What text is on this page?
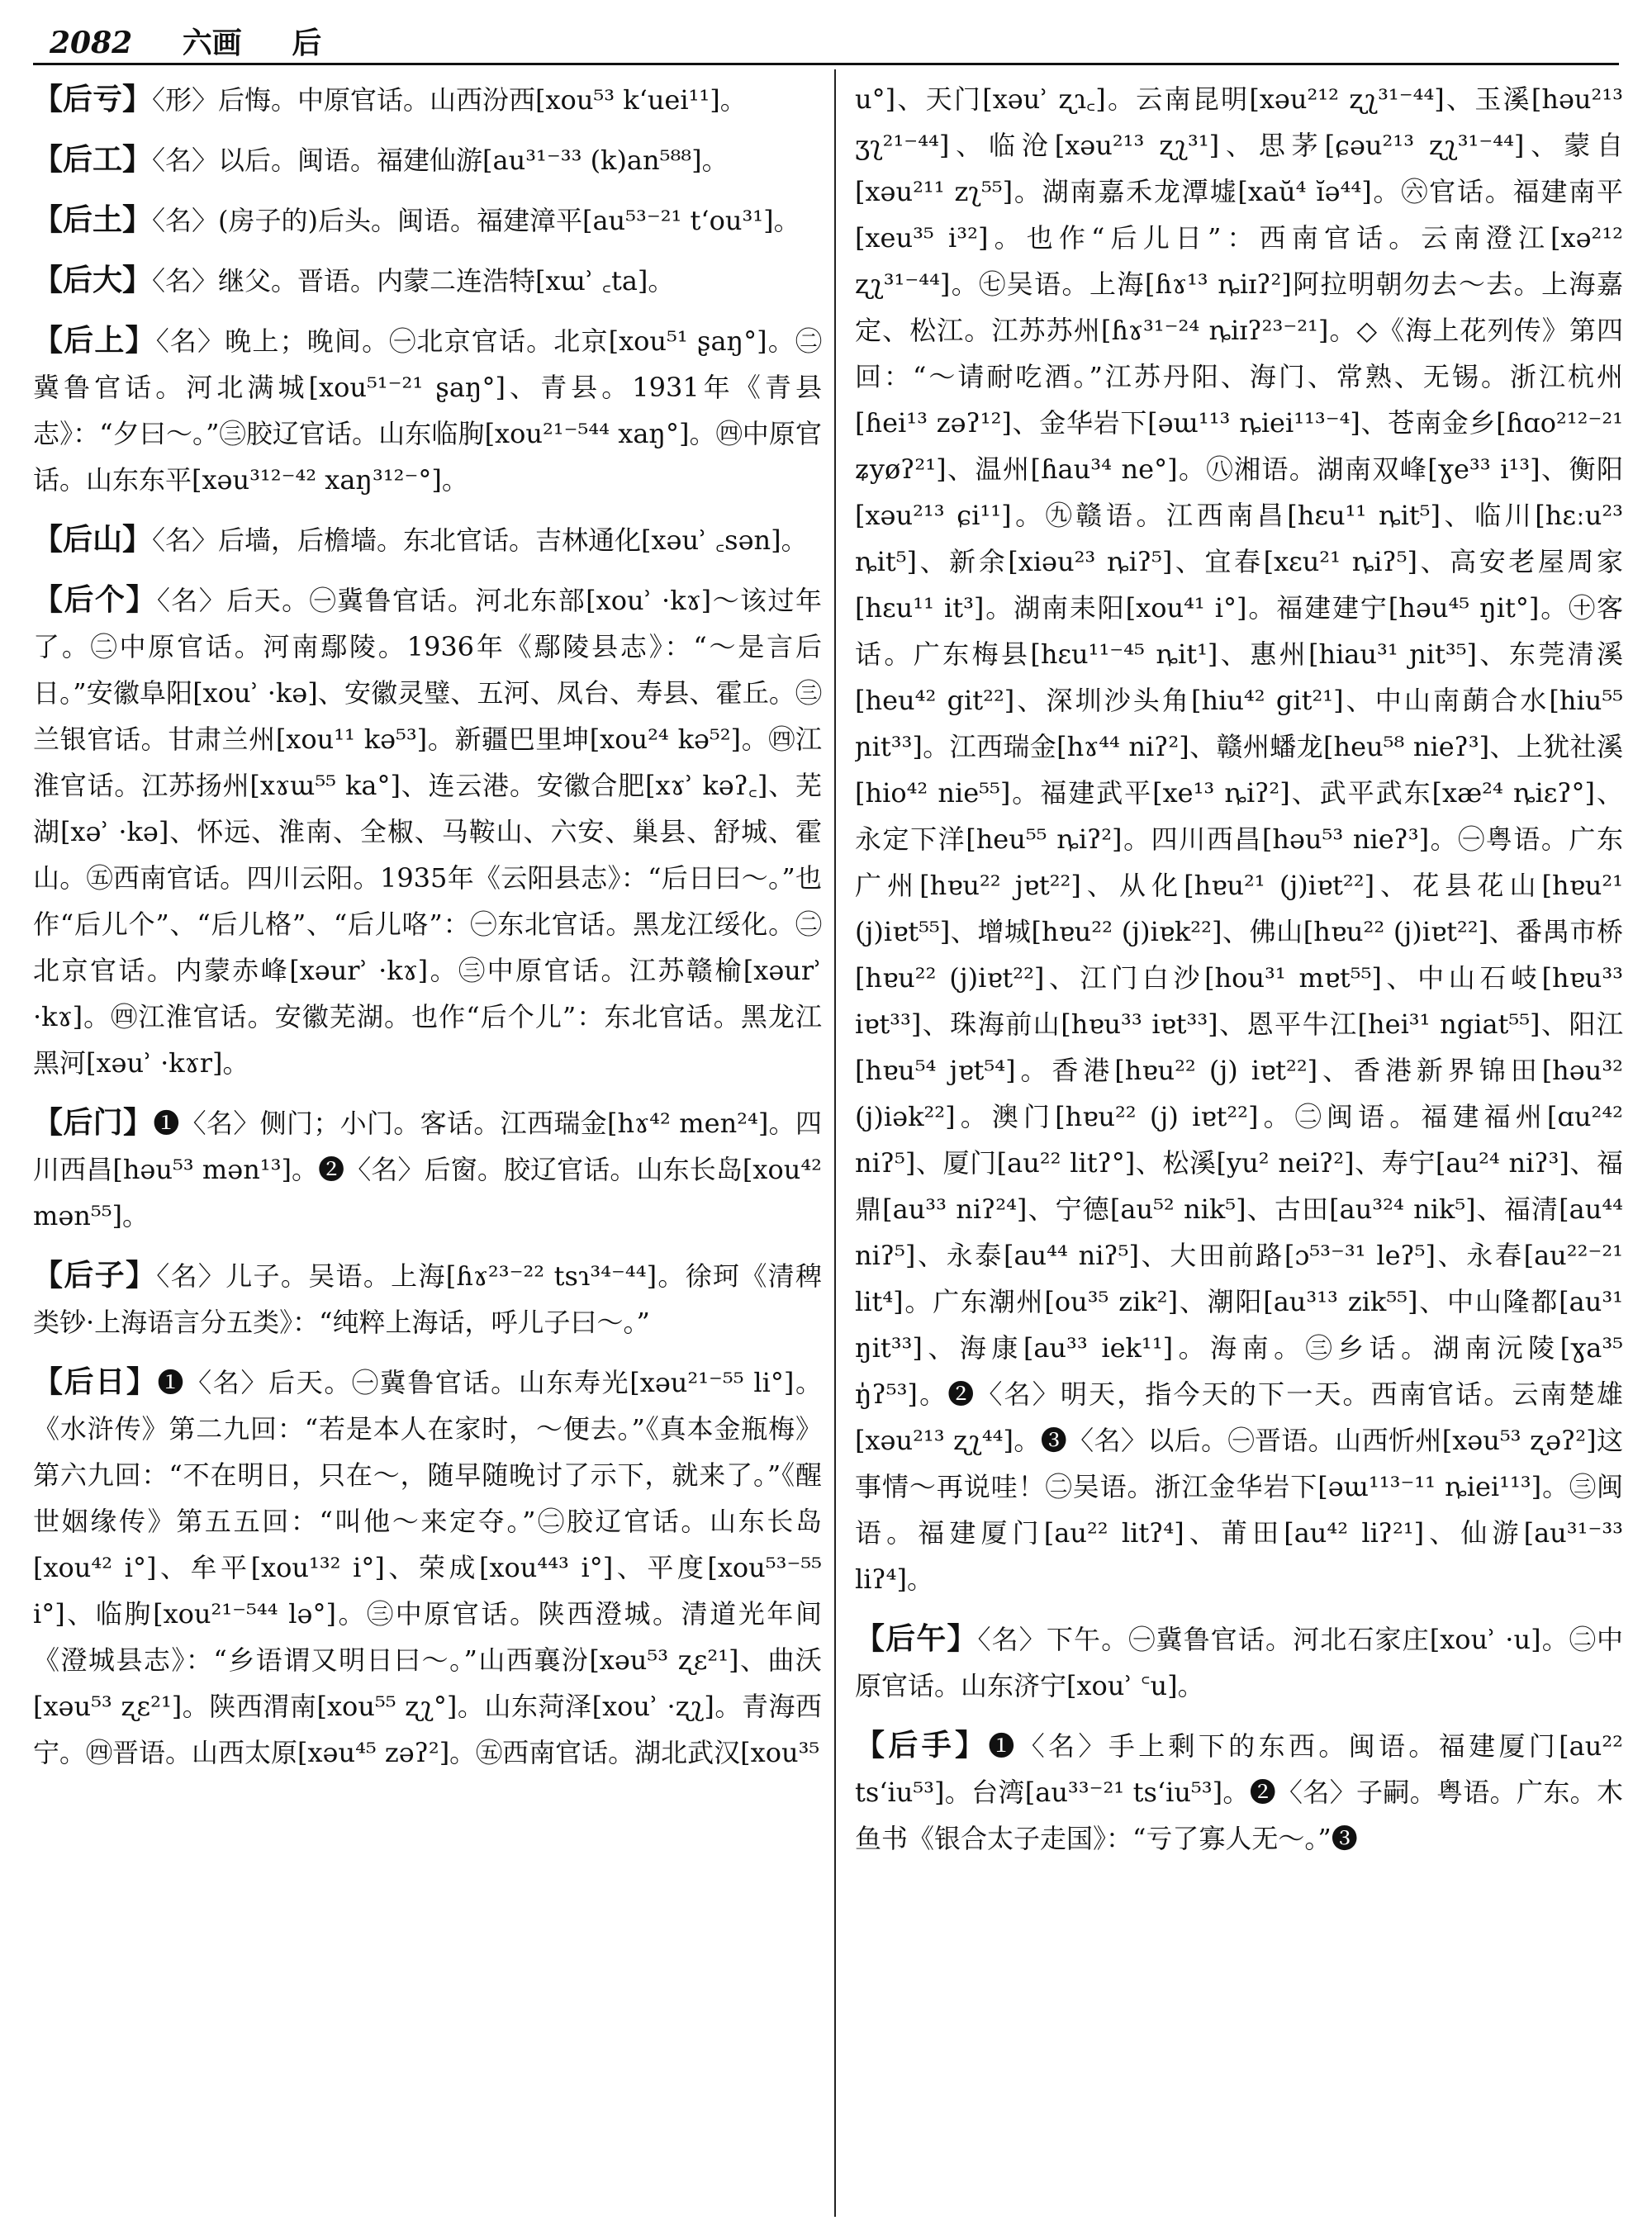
2082 六画 后

【后亏】〈形〉后悔。中原官话。山西汾西[xou⁵³ kʻuei¹¹]。

【后工】〈名〉以后。闽语。福建仙游[au³¹⁻³³ (k)an⁵⁸⁸]。

【后土】〈名〉(房子的)后头。闽语。福建漳平[au⁵³⁻²¹ tʻou³¹]。

【后大】〈名〉继父。晋语。内蒙二连浩特[xɯʾ ꜀ta]。

【后上】〈名〉晚上；晚间。㊀北京官话。北京[xou⁵¹ ʂaŋ°]。㊁冀鲁官话。河北满城[xou⁵¹⁻²¹ ʂaŋ°]、青县。1931年《青县志》：“夕曰～。”㊂胶辽官话。山东临朐[xou²¹⁻⁵⁴⁴ xaŋ°]。㊃中原官话。山东东平[xəu³¹²⁻⁴² xaŋ³¹²⁻°]。

【后山】〈名〉后墙，后檐墙。东北官话。吉林通化[xəuʾ ꜀sən]。

【后个】〈名〉后天。㊀冀鲁官话。河北东部[xouʾ ·kɤ]～该过年了。㊁中原官话。河南鄢陵。1936年《鄢陵县志》：“～是言后日。”安徽阜阳[xouʾ ·kə]、安徽灵璧、五河、凤台、寿县、霍丘。㊂兰银官话。甘肃兰州[xou¹¹ kə⁵³]。新疆巴里坤[xou²⁴ kə⁵²]。㊃江淮官话。江苏扬州[xɤɯ⁵⁵ ka°]、连云港。安徽合肥[xɤʾ kəʔ꜀]、芜湖[xəʾ ·kə]、怀远、淮南、全椒、马鞍山、六安、巢县、舒城、霍山。㊄西南官话。四川云阳。1935年《云阳县志》：“后日曰～。”也作“后儿个”、“后儿格”、“后儿咯”：㊀东北官话。黑龙江绥化。㊁北京官话。内蒙赤峰[xəurʾ ·kɤ]。㊂中原官话。江苏赣榆[xəurʾ ·kɤ]。㊃江淮官话。安徽芜湖。也作“后个儿”：东北官话。黑龙江黑河[xəuʾ ·kɤr]。

【后门】❶〈名〉侧门；小门。客话。江西瑞金[hɤ⁴² men²⁴]。四川西昌[həu⁵³ mən¹³]。❷〈名〉后窗。胶辽官话。山东长岛[xou⁴² mən⁵⁵]。

【后子】〈名〉儿子。吴语。上海[ɦɤ²³⁻²² tsɿ³⁴⁻⁴⁴]。徐珂《清稗类钞·上海语言分五类》：“纯粹上海话，呼儿子曰～。”

【后日】❶〈名〉后天。㊀冀鲁官话。山东寿光[xəu²¹⁻⁵⁵ li°]。《水浒传》第二九回：“若是本人在家时，～便去。”《真本金瓶梅》第六九回：“不在明日，只在～，随早随晚讨了示下，就来了。”《醒世姻缘传》第五五回：“叫他～来定夺。”㊁胶辽官话。山东长岛[xou⁴² i°]、牟平[xou¹³² i°]、荣成[xou⁴⁴³ i°]、平度[xou⁵³⁻⁵⁵ i°]、临朐[xou²¹⁻⁵⁴⁴ lə°]。㊂中原官话。陕西澄城。清道光年间《澄城县志》：“乡语谓又明日曰～。”山西襄汾[xəu⁵³ ʐɛ²¹]、曲沃[xəu⁵³ ʐɛ²¹]。陕西渭南[xou⁵⁵ ʐʅ°]。山东菏泽[xouʾ ·ʐʅ]。青海西宁。㊃晋语。山西太原[xəu⁴⁵ zəʔ²]。㊄西南官话。湖北武汉[xou³⁵

u°]、天门[xəuʾ ʐɿ꜀]。云南昆明[xəu²¹² ʐʅ³¹⁻⁴⁴]、玉溪[həu²¹³ ʒʅ²¹⁻⁴⁴]、临沧[xəu²¹³ ʐʅ³¹]、思茅[ɕəu²¹³ ʐʅ³¹⁻⁴⁴]、蒙自[xəu²¹¹ zʅ⁵⁵]。湖南嘉禾龙潭墟[xaŭ⁴ ĭə⁴⁴]。㊅官话。福建南平[xeu³⁵ i³²]。也作“后儿日”：西南官话。云南澄江[xə²¹² ʐʅ³¹⁻⁴⁴]。㊆吴语。上海[ɦɤ¹³ ȵiɪʔ²]阿拉明朝勿去～去。上海嘉定、松江。江苏苏州[ɦɤ³¹⁻²⁴ ȵiɪʔ²³⁻²¹]。◇《海上花列传》第四回：“～请耐吃酒。”江苏丹阳、海门、常熟、无锡。浙江杭州[ɦei¹³ zəʔ¹²]、金华岩下[əɯ¹¹³ ȵiei¹¹³⁻⁴]、苍南金乡[ɦɑo²¹²⁻²¹ ʑyøʔ²¹]、温州[ɦau³⁴ ne°]。㊇湘语。湖南双峰[ɣe³³ i¹³]、衡阳[xəu²¹³ ɕi¹¹]。㊈赣语。江西南昌[hɛu¹¹ ȵit⁵]、临川[hɛːu²³ ȵit⁵]、新余[xiəu²³ ȵiʔ⁵]、宜春[xɛu²¹ ȵiʔ⁵]、高安老屋周家[hɛu¹¹ it³]。湖南耒阳[xou⁴¹ i°]。福建建宁[həu⁴⁵ ŋit°]。㊉客话。广东梅县[hɛu¹¹⁻⁴⁵ ȵit¹]、惠州[hiau³¹ ɲit³⁵]、东莞清溪[heu⁴² git²²]、深圳沙头角[hiu⁴² git²¹]、中山南蓢合水[hiu⁵⁵ ɲit³³]。江西瑞金[hɤ⁴⁴ niʔ²]、赣州蟠龙[heu⁵⁸ nieʔ³]、上犹社溪[hio⁴² nie⁵⁵]。福建武平[xe¹³ ȵiʔ²]、武平武东[xæ²⁴ ȵiɛʔ°]、永定下洋[heu⁵⁵ ȵiʔ²]。四川西昌[həu⁵³ nieʔ³]。㊀粤语。广东广州[hɐu²² jɐt²²]、从化[hɐu²¹ (j)iɐt²²]、花县花山[hɐu²¹ (j)iɐt⁵⁵]、增城[hɐu²² (j)iɐk²²]、佛山[hɐu²² (j)iɐt²²]、番禺市桥[hɐu²² (j)iɐt²²]、江门白沙[hou³¹ mɐt⁵⁵]、中山石岐[hɐu³³ iɐt³³]、珠海前山[hɐu³³ iɐt³³]、恩平牛江[hei³¹ ngiat⁵⁵]、阳江[hɐu⁵⁴ jɐt⁵⁴]。香港[hɐu²² (j) iɐt²²]、香港新界锦田[həu³² (j)iək²²]。澳门[hɐu²² (j) iɐt²²]。㊁闽语。福建福州[ɑu²⁴² niʔ⁵]、厦门[au²² litʔ°]、松溪[yu² neiʔ²]、寿宁[au²⁴ niʔ³]、福鼎[au³³ niʔ²⁴]、宁德[au⁵² nik⁵]、古田[au³²⁴ nik⁵]、福清[au⁴⁴ niʔ⁵]、永泰[au⁴⁴ niʔ⁵]、大田前路[ɔ⁵³⁻³¹ leʔ⁵]、永春[au²²⁻²¹ lit⁴]。广东潮州[ou³⁵ zik²]、潮阳[au³¹³ zik⁵⁵]、中山隆都[au³¹ ŋit³³]、海康[au³³ iek¹¹]。海南。㊂乡话。湖南沅陵[ɣa³⁵ ŋ̍ʔ⁵³]。❷〈名〉明天，指今天的下一天。西南官话。云南楚雄[xəu²¹³ ʐʅ⁴⁴]。❸〈名〉以后。㊀晋语。山西忻州[xəu⁵³ ʐəʔ²]这事情～再说哇！㊁吴语。浙江金华岩下[əɯ¹¹³⁻¹¹ ȵiei¹¹³]。㊂闽语。福建厦门[au²² litʔ⁴]、莆田[au⁴² liʔ²¹]、仙游[au³¹⁻³³ liʔ⁴]。

【后午】〈名〉下午。㊀冀鲁官话。河北石家庄[xouʾ ·u]。㊁中原官话。山东济宁[xouʾ ꜂u]。

【后手】❶〈名〉手上剩下的东西。闽语。福建厦门[au²² tsʻiu⁵³]。台湾[au³³⁻²¹ tsʻiu⁵³]。❷〈名〉子嗣。粤语。广东。木鱼书《银合太子走国》：“亏了寡人无～。”❸
